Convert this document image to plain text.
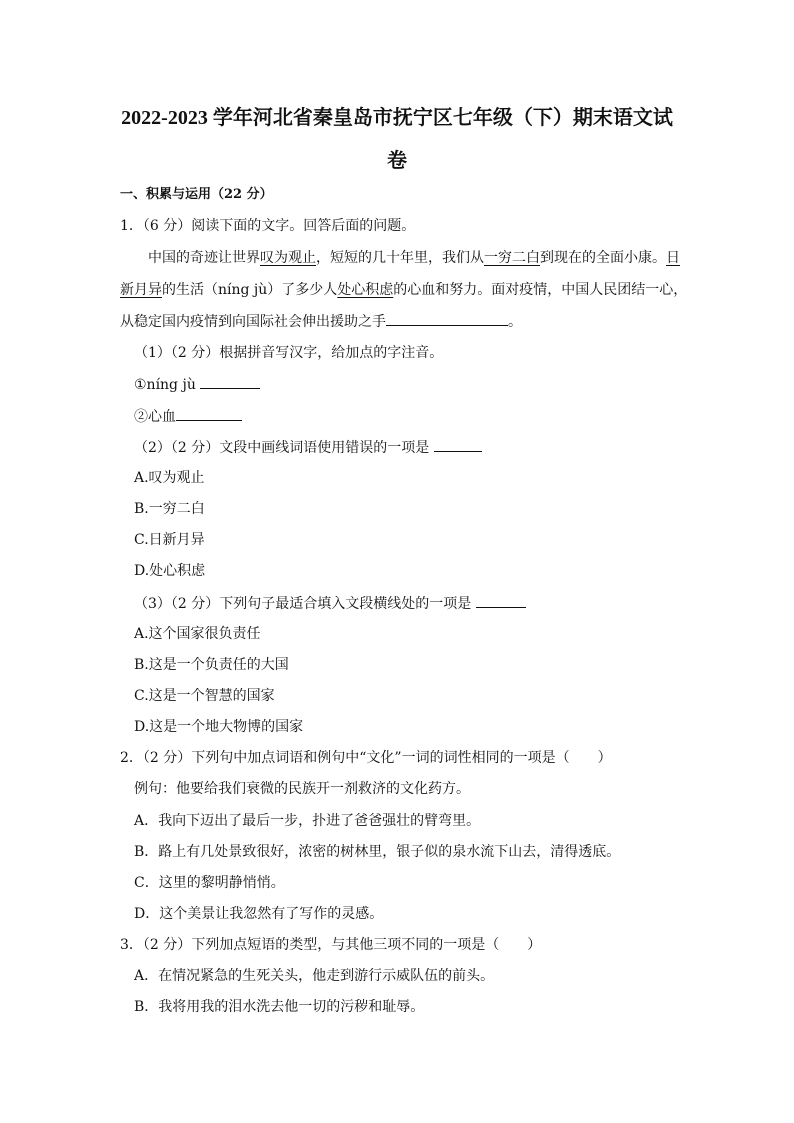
2022-2023 学年河北省秦皇岛市抚宁区七年级（下）期末语文试
卷
一、积累与运用（22 分）
1．（6 分）阅读下面的文字。回答后面的问题。
中国的奇迹让世界叹为观止，短短的几十年里，我们从一穷二白到现在的全面小康。日
新月异的生活（níng jù）了多少人处心积虑的心血和努力。面对疫情，中国人民团结一心，
从稳定国内疫情到向国际社会伸出援助之手	。
（1）（2 分）根据拼音写汉字，给加点的字注音。
①níng jù
②心血
（2）（2 分）文段中画线词语使用错误的一项是
A.叹为观止
B.一穷二白
C.日新月异
D.处心积虑
（3）（2 分）下列句子最适合填入文段横线处的一项是
A.这个国家很负责任
B.这是一个负责任的大国
C.这是一个智慧的国家
D.这是一个地大物博的国家
2．（2 分）下列句中加点词语和例句中“文化”一词的词性相同的一项是（　　）
例句：他要给我们衰微的民族开一剂救济的文化药方。
A．我向下迈出了最后一步，扑进了爸爸强壮的臂弯里。
B．路上有几处景致很好，浓密的树林里，银子似的泉水流下山去，清得透底。
C．这里的黎明静悄悄。
D．这个美景让我忽然有了写作的灵感。
3．（2 分）下列加点短语的类型，与其他三项不同的一项是（　　）
A．在情况紧急的生死关头，他走到游行示威队伍的前头。
B．我将用我的泪水洗去他一切的污秽和耻辱。
